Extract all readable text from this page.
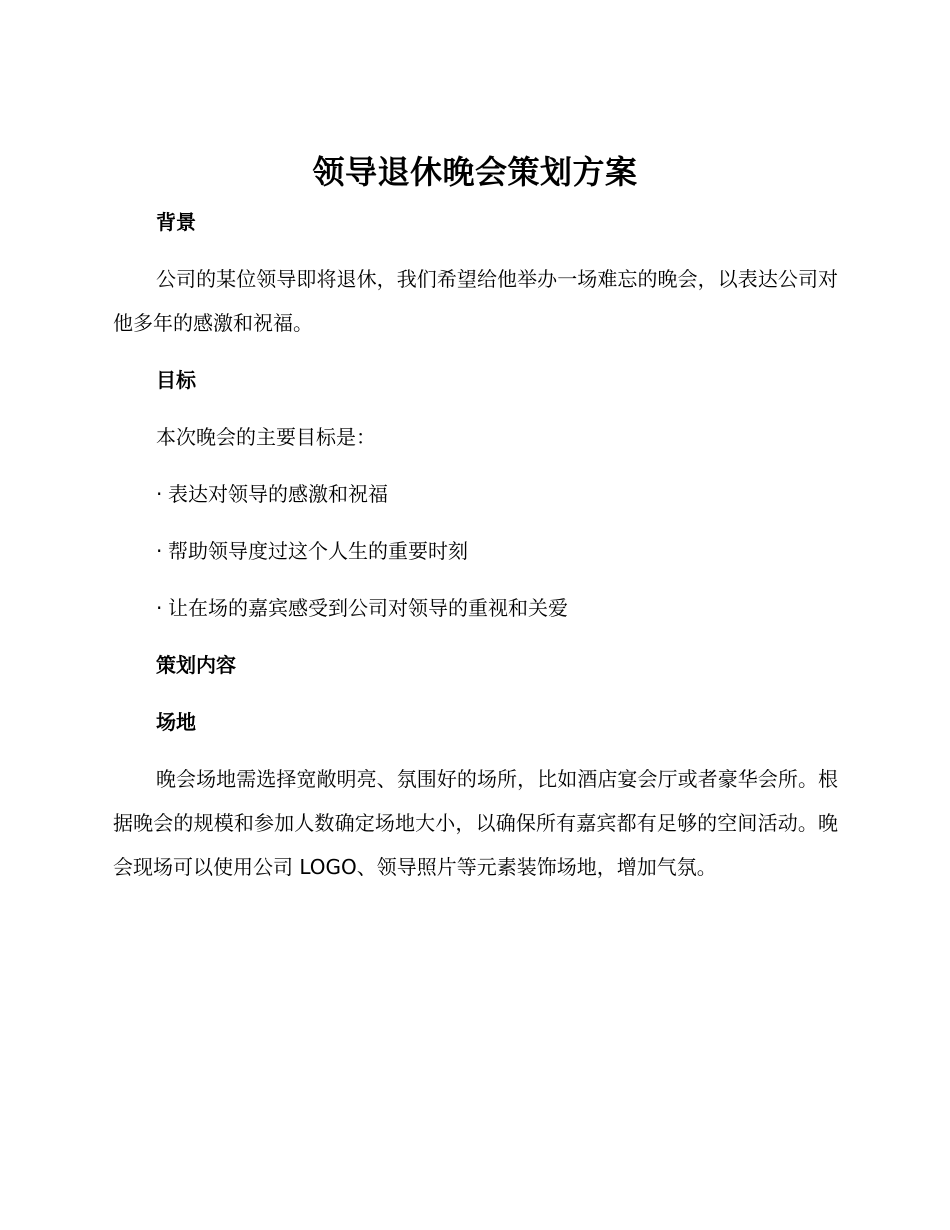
领导退休晚会策划方案

背景

公司的某位领导即将退休，我们希望给他举办一场难忘的晚会，以表达公司对他多年的感激和祝福。

目标

本次晚会的主要目标是：

· 表达对领导的感激和祝福

· 帮助领导度过这个人生的重要时刻

· 让在场的嘉宾感受到公司对领导的重视和关爱

策划内容

场地

晚会场地需选择宽敞明亮、氛围好的场所，比如酒店宴会厅或者豪华会所。根据晚会的规模和参加人数确定场地大小，以确保所有嘉宾都有足够的空间活动。晚会现场可以使用公司 LOGO、领导照片等元素装饰场地，增加气氛。
